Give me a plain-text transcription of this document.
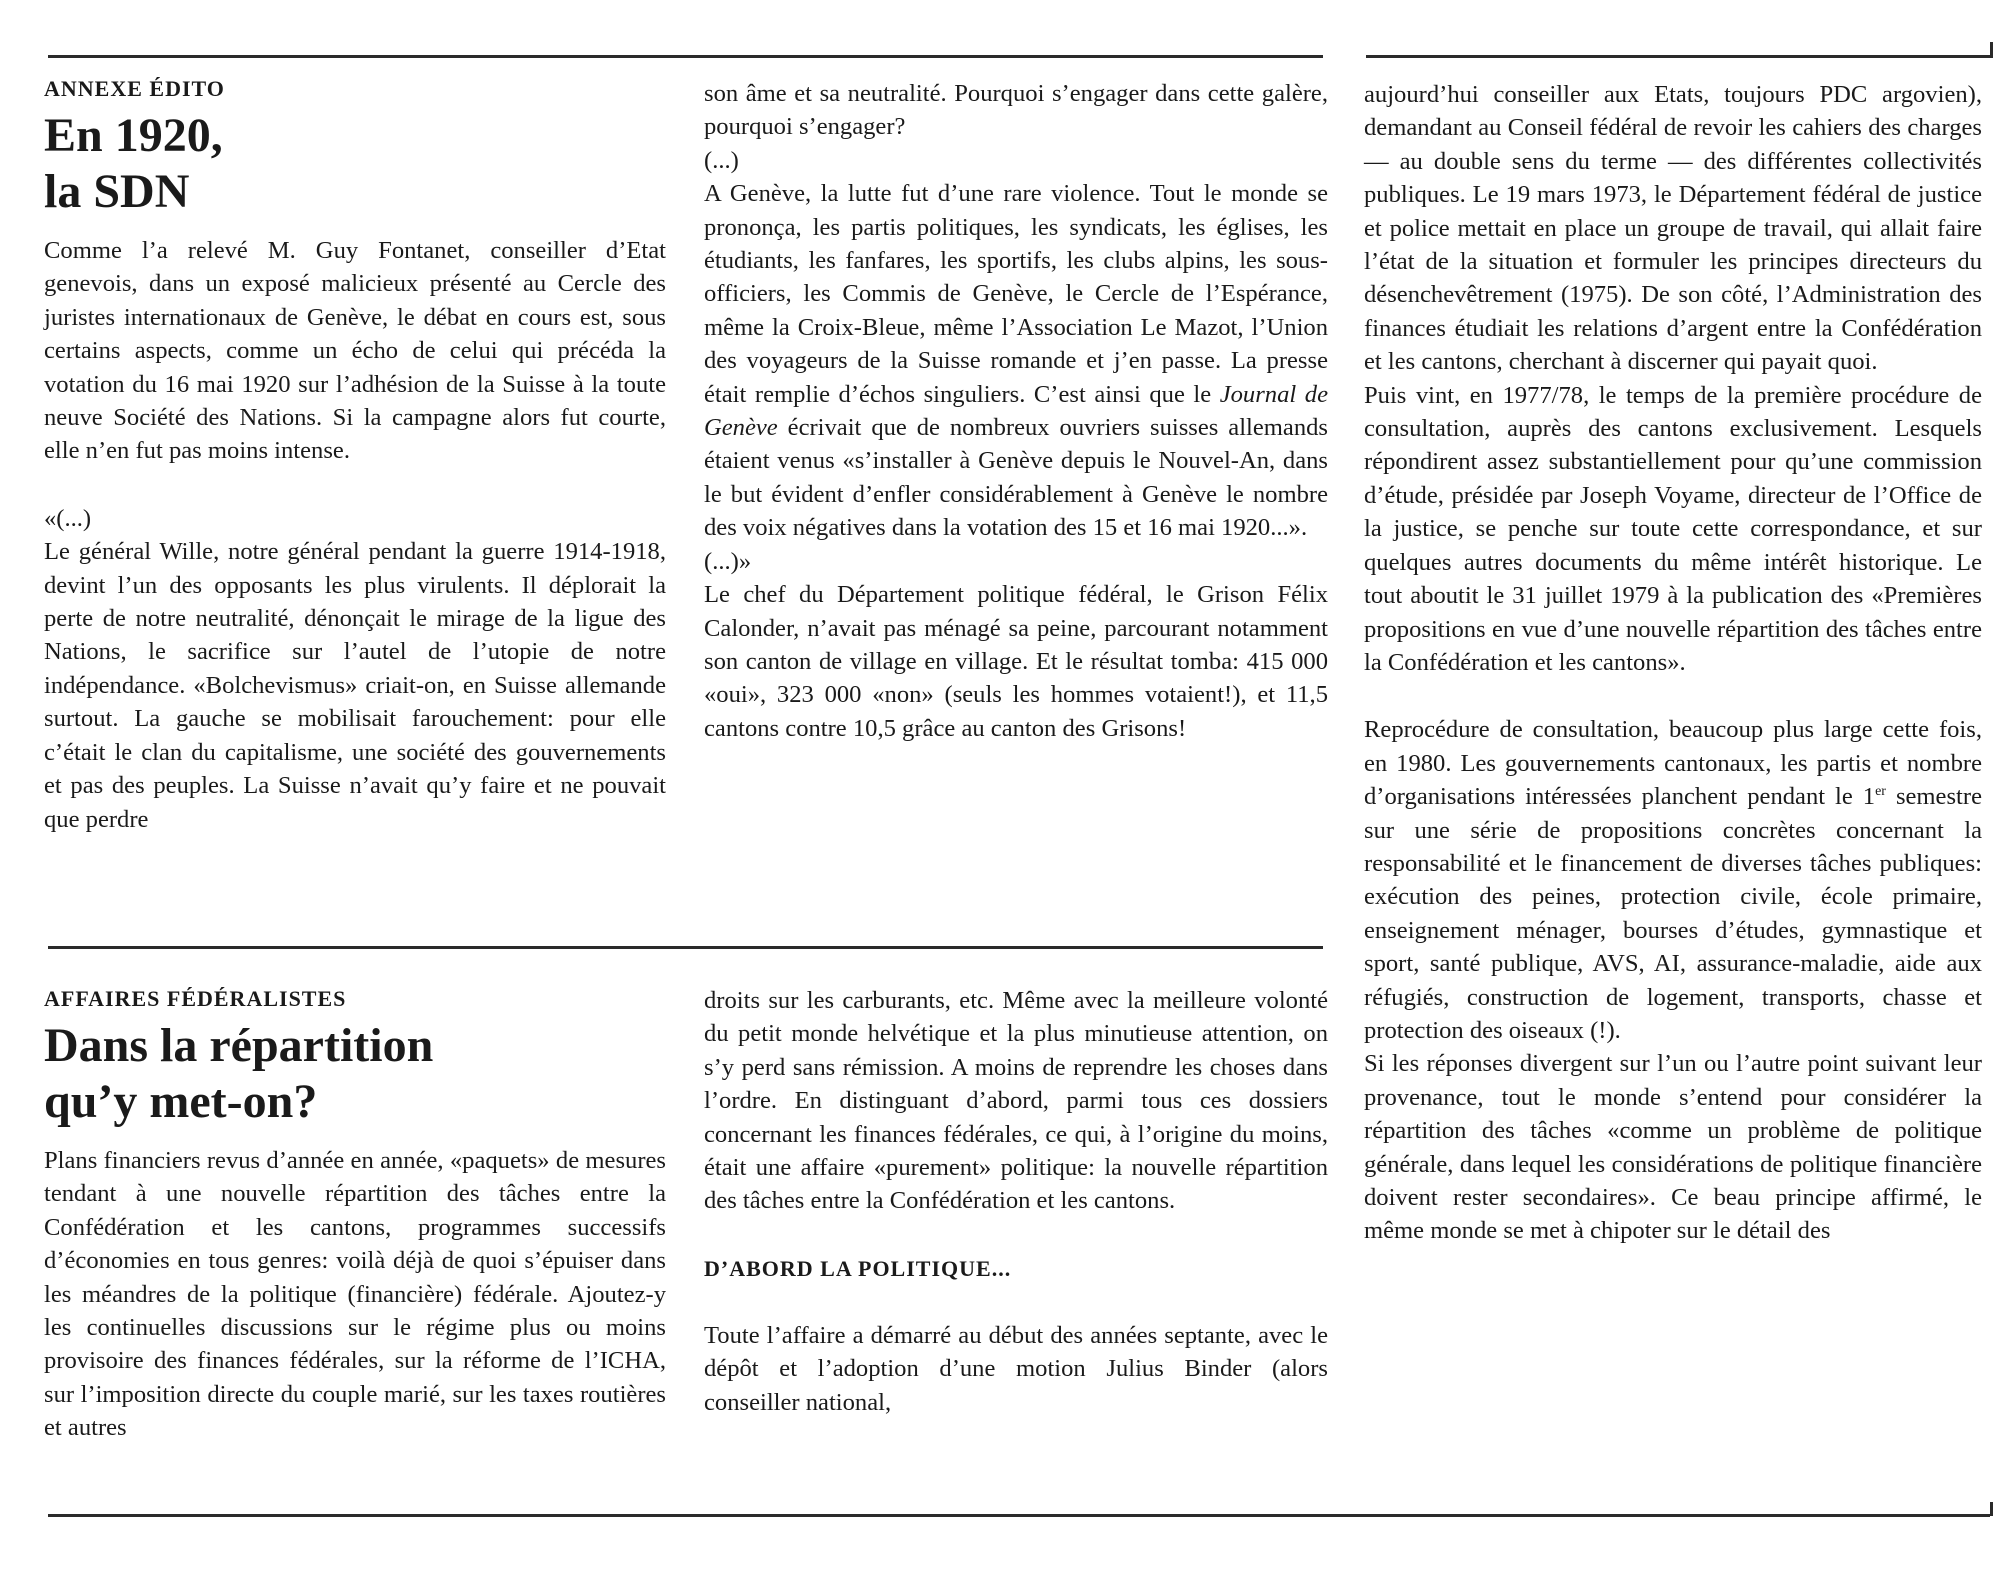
ANNEXE ÉDITO
En 1920,
la SDN

Comme l’a relevé M. Guy Fontanet, conseiller d’Etat genevois, dans un exposé malicieux présenté au Cercle des juristes internationaux de Genève, le débat en cours est, sous certains aspects, comme un écho de celui qui précéda la votation du 16 mai 1920 sur l’adhésion de la Suisse à la toute neuve Société des Nations. Si la campagne alors fut courte, elle n’en fut pas moins intense.

«(...)

Le général Wille, notre général pendant la guerre 1914-1918, devint l’un des opposants les plus virulents. Il déplorait la perte de notre neutralité, dénonçait le mirage de la ligue des Nations, le sacrifice sur l’autel de l’utopie de notre indépendance. «Bolchevismus» criait-on, en Suisse allemande surtout. La gauche se mobilisait farouchement: pour elle c’était le clan du capitalisme, une société des gouvernements et pas des peuples. La Suisse n’avait qu’y faire et ne pouvait que perdre

son âme et sa neutralité. Pourquoi s’engager dans cette galère, pourquoi s’engager?

(...)

A Genève, la lutte fut d’une rare violence. Tout le monde se prononça, les partis politiques, les syndicats, les églises, les étudiants, les fanfares, les sportifs, les clubs alpins, les sous-officiers, les Commis de Genève, le Cercle de l’Espérance, même la Croix-Bleue, même l’Association Le Mazot, l’Union des voyageurs de la Suisse romande et j’en passe. La presse était remplie d’échos singuliers. C’est ainsi que le Journal de Genève écrivait que de nombreux ouvriers suisses allemands étaient venus «s’installer à Genève depuis le Nouvel-An, dans le but évident d’enfler considérablement à Genève le nombre des voix négatives dans la votation des 15 et 16 mai 1920...».

(...)»

Le chef du Département politique fédéral, le Grison Félix Calonder, n’avait pas ménagé sa peine, parcourant notamment son canton de village en village. Et le résultat tomba: 415 000 «oui», 323 000 «non» (seuls les hommes votaient!), et 11,5 cantons contre 10,5 grâce au canton des Grisons!

AFFAIRES FÉDÉRALISTES
Dans la répartition
qu’y met-on?

Plans financiers revus d’année en année, «paquets» de mesures tendant à une nouvelle répartition des tâches entre la Confédération et les cantons, programmes successifs d’économies en tous genres: voilà déjà de quoi s’épuiser dans les méandres de la politique (financière) fédérale. Ajoutez-y les continuelles discussions sur le régime plus ou moins provisoire des finances fédérales, sur la réforme de l’ICHA, sur l’imposition directe du couple marié, sur les taxes routières et autres

droits sur les carburants, etc. Même avec la meilleure volonté du petit monde helvétique et la plus minutieuse attention, on s’y perd sans rémission. A moins de reprendre les choses dans l’ordre. En distinguant d’abord, parmi tous ces dossiers concernant les finances fédérales, ce qui, à l’origine du moins, était une affaire «purement» politique: la nouvelle répartition des tâches entre la Confédération et les cantons.

D’ABORD LA POLITIQUE...

Toute l’affaire a démarré au début des années septante, avec le dépôt et l’adoption d’une motion Julius Binder (alors conseiller national,

aujourd’hui conseiller aux Etats, toujours PDC argovien), demandant au Conseil fédéral de revoir les cahiers des charges — au double sens du terme — des différentes collectivités publiques. Le 19 mars 1973, le Département fédéral de justice et police mettait en place un groupe de travail, qui allait faire l’état de la situation et formuler les principes directeurs du désenchevêtrement (1975). De son côté, l’Administration des finances étudiait les relations d’argent entre la Confédération et les cantons, cherchant à discerner qui payait quoi.

Puis vint, en 1977/78, le temps de la première procédure de consultation, auprès des cantons exclusivement. Lesquels répondirent assez substantiellement pour qu’une commission d’étude, présidée par Joseph Voyame, directeur de l’Office de la justice, se penche sur toute cette correspondance, et sur quelques autres documents du même intérêt historique. Le tout aboutit le 31 juillet 1979 à la publication des «Premières propositions en vue d’une nouvelle répartition des tâches entre la Confédération et les cantons».

Reprocédure de consultation, beaucoup plus large cette fois, en 1980. Les gouvernements cantonaux, les partis et nombre d’organisations intéressées planchent pendant le 1er semestre sur une série de propositions concrètes concernant la responsabilité et le financement de diverses tâches publiques: exécution des peines, protection civile, école primaire, enseignement ménager, bourses d’études, gymnastique et sport, santé publique, AVS, AI, assurance-maladie, aide aux réfugiés, construction de logement, transports, chasse et protection des oiseaux (!).

Si les réponses divergent sur l’un ou l’autre point suivant leur provenance, tout le monde s’entend pour considérer la répartition des tâches «comme un problème de politique générale, dans lequel les considérations de politique financière doivent rester secondaires». Ce beau principe affirmé, le même monde se met à chipoter sur le détail des
